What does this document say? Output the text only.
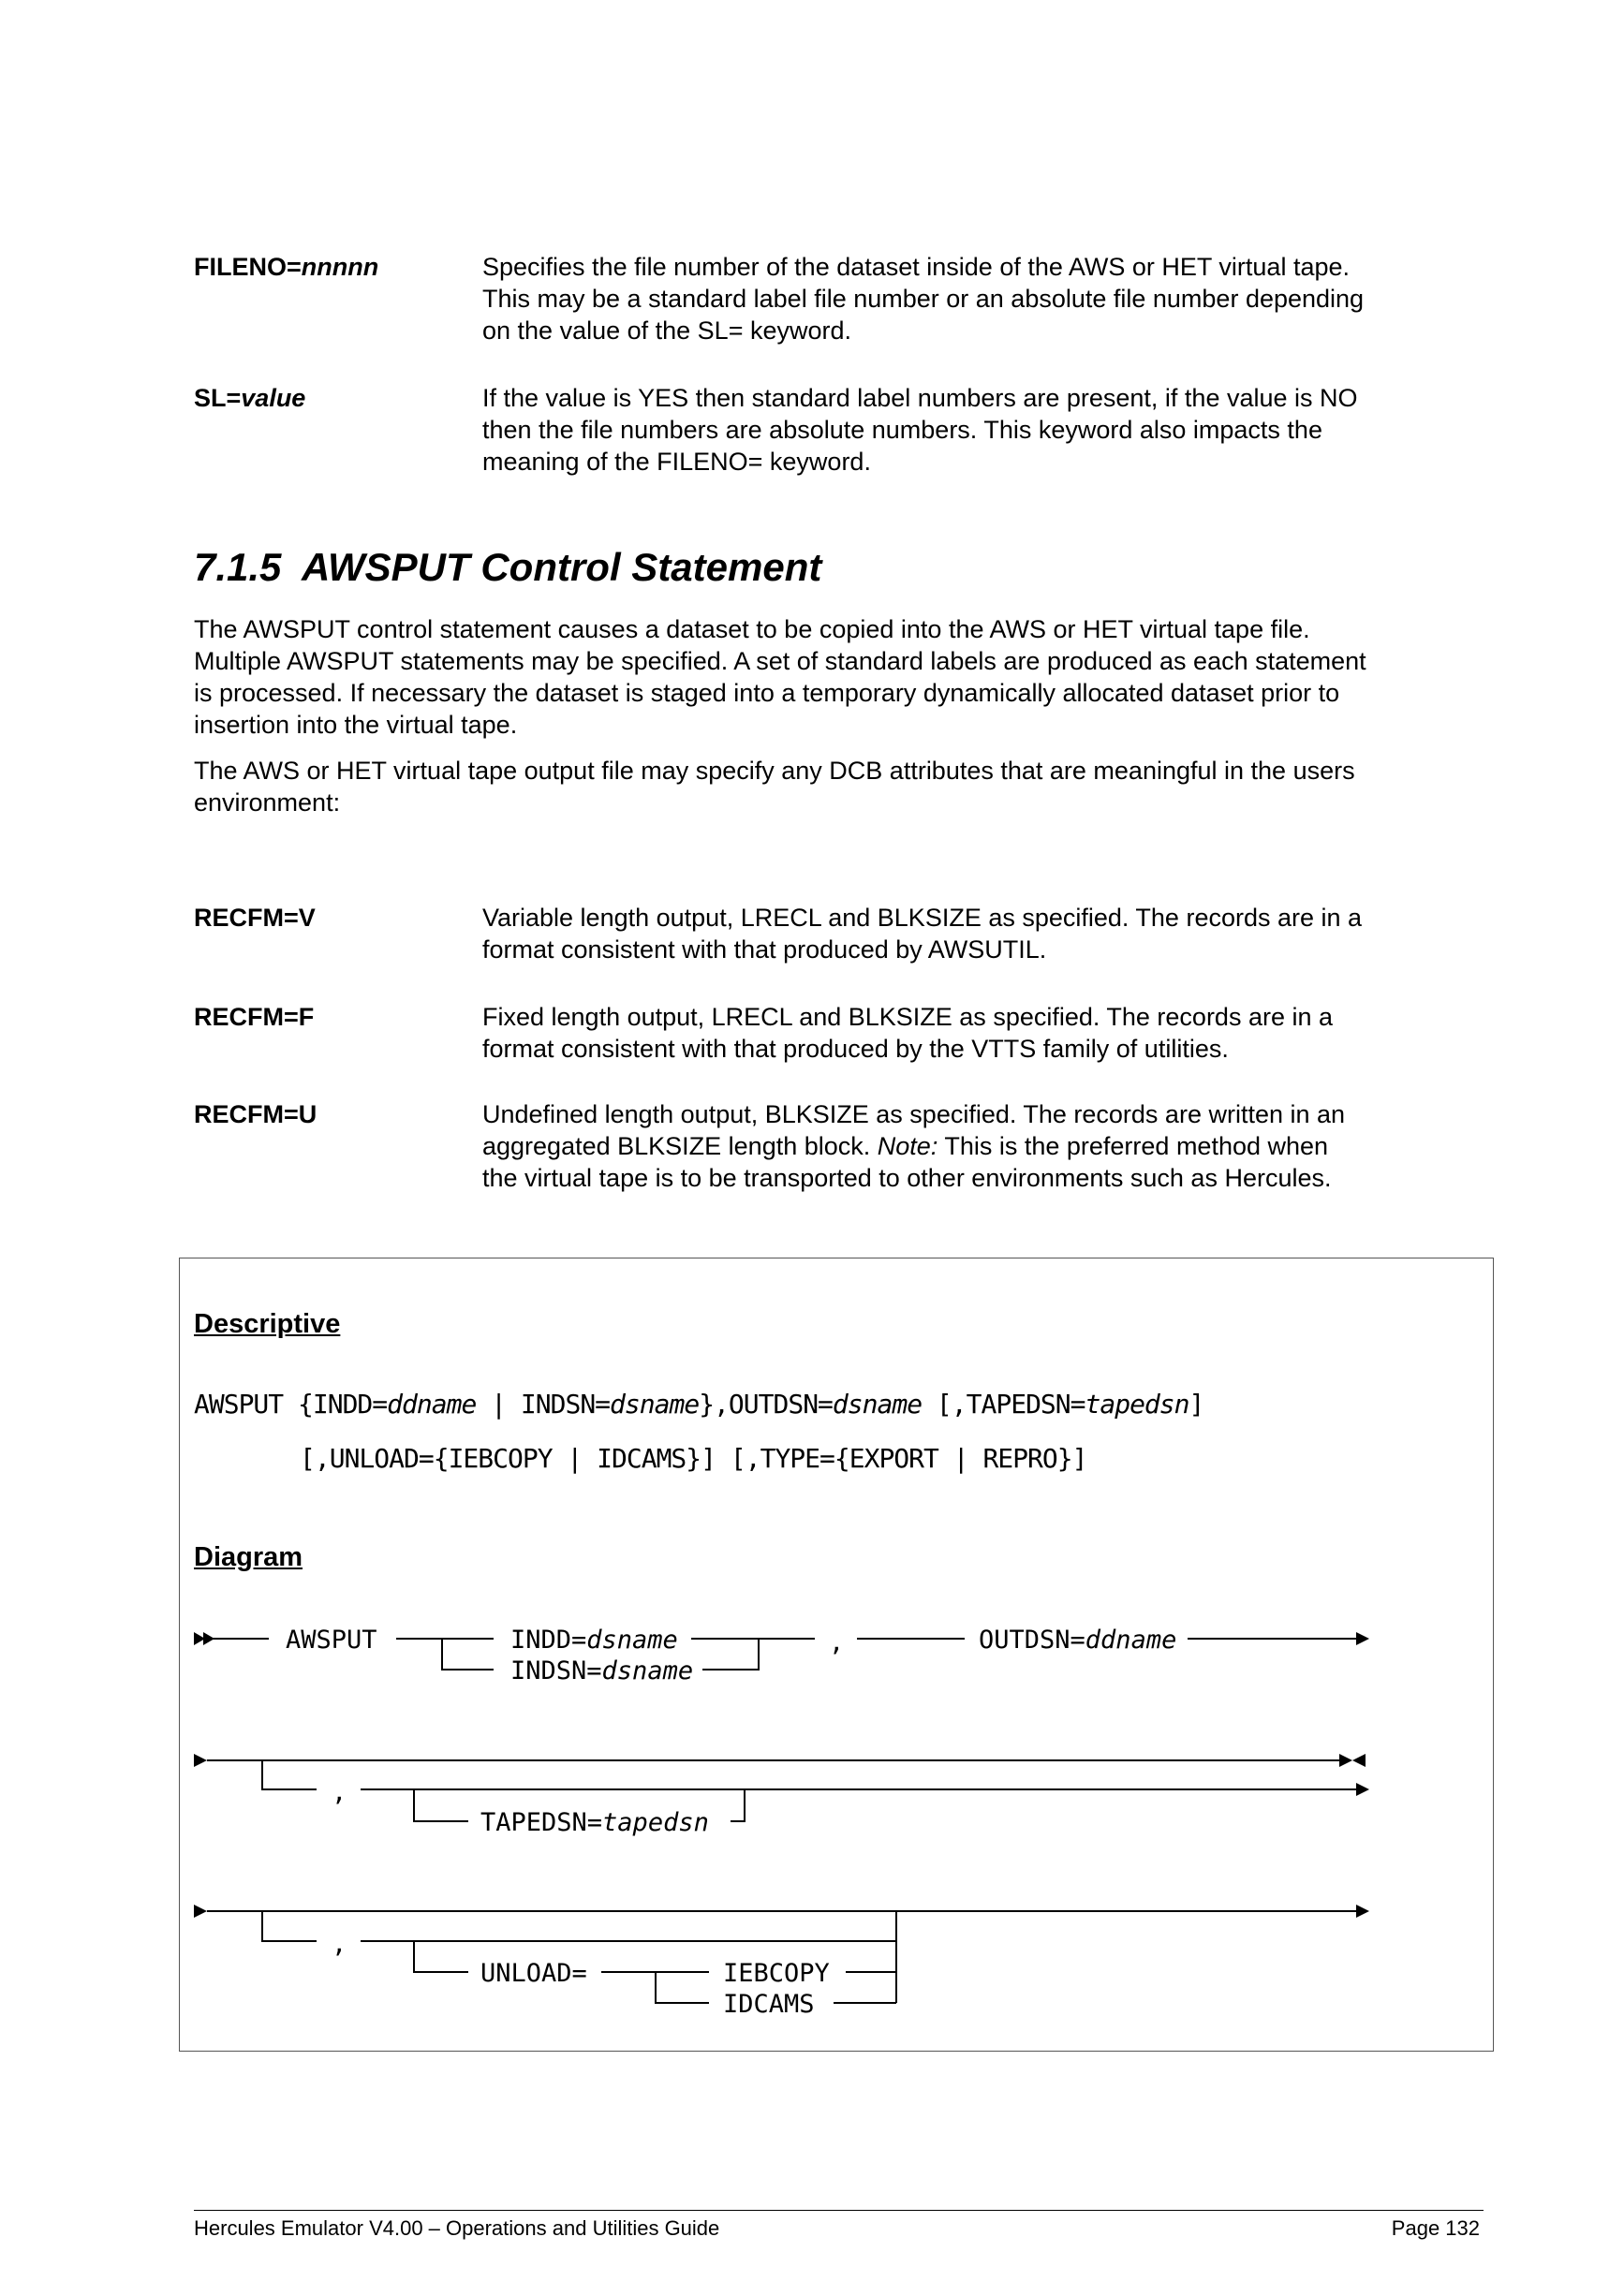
FILENO=nnnnn	Specifies the file number of the dataset inside of the AWS or HET virtual tape.
This may be a standard label file number or an absolute file number depending
on the value of the SL= keyword.
SL=value	If the value is YES then standard label numbers are present, if the value is NO
then the file numbers are absolute numbers. This keyword also impacts the
meaning of the FILENO= keyword.
7.1.5 AWSPUT Control Statement
The AWSPUT control statement causes a dataset to be copied into the AWS or HET virtual tape file.
Multiple AWSPUT statements may be specified. A set of standard labels are produced as each statement
is processed. If necessary the dataset is staged into a temporary dynamically allocated dataset prior to
insertion into the virtual tape.
The AWS or HET virtual tape output file may specify any DCB attributes that are meaningful in the users
environment:
RECFM=V	Variable length output, LRECL and BLKSIZE as specified. The records are in a
format consistent with that produced by AWSUTIL.
RECFM=F	Fixed length output, LRECL and BLKSIZE as specified. The records are in a
format consistent with that produced by the VTTS family of utilities.
RECFM=U	Undefined length output, BLKSIZE as specified. The records are written in an
aggregated BLKSIZE length block. Note: This is the preferred method when
the virtual tape is to be transported to other environments such as Hercules.
Descriptive
AWSPUT {INDD=ddname | INDSN=dsname},OUTDSN=dsname [,TAPEDSN=tapedsn]
[,UNLOAD={IEBCOPY | IDCAMS}] [,TYPE={EXPORT | REPRO}]
Diagram
AWSPUT	INDD=dsname
INDSN=dsname
,	OUTDSN=ddname
,
TAPEDSN=tapedsn
,
UNLOAD=	IEBCOPY
IDCAMS
Hercules Emulator V4.00 – Operations and Utilities Guide	Page 132
